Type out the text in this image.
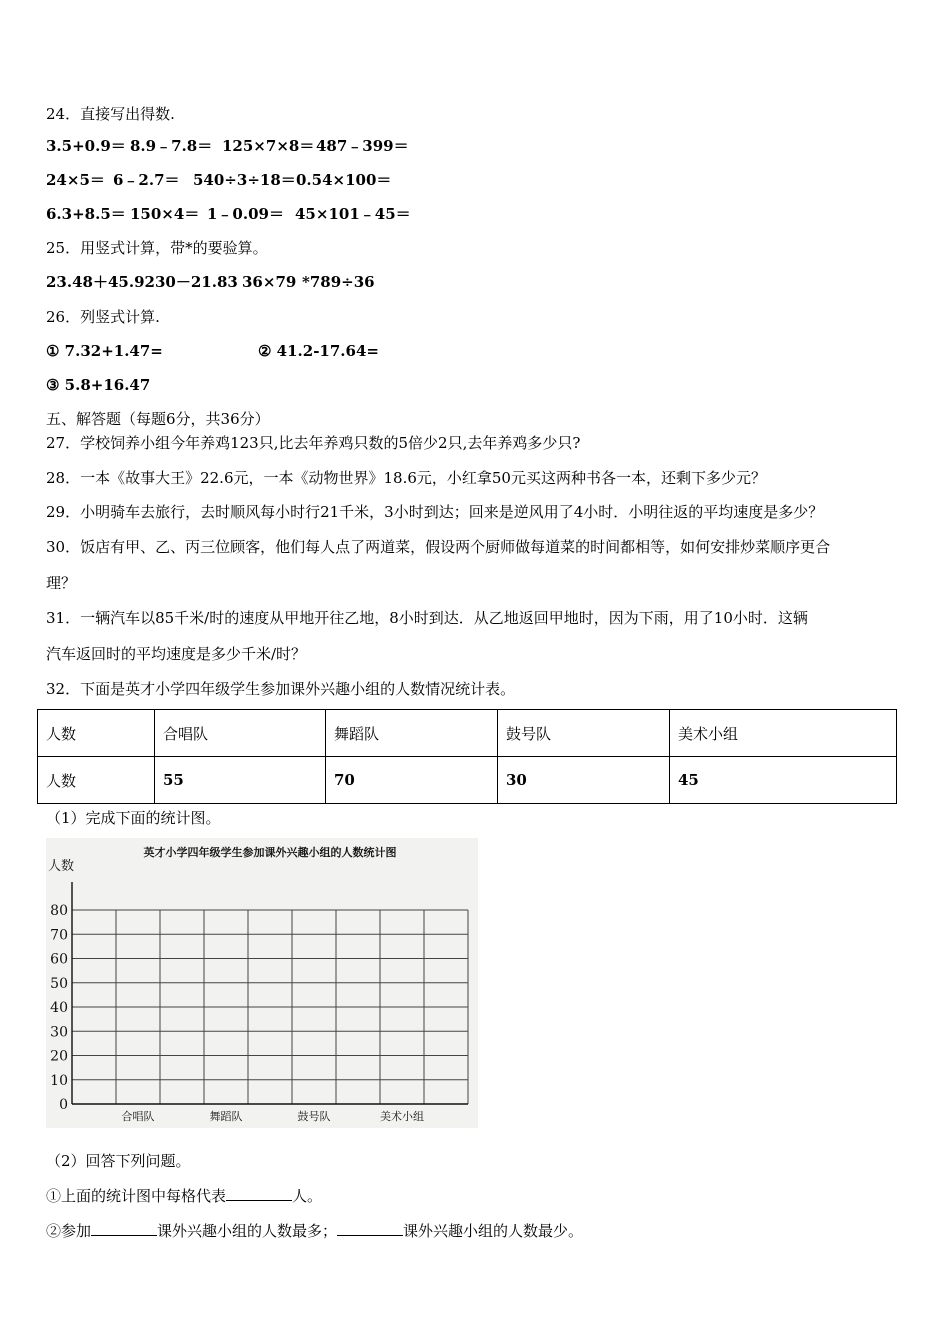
24．直接写出得数.
3.5+0.9＝ 8.9﹣7.8＝ 125×7×8＝ 487﹣399＝
24×5＝ 6﹣2.7＝ 540÷3÷18＝0.54×100＝
6.3+8.5＝ 150×4＝ 1﹣0.09＝ 45×101﹣45＝
25．用竖式计算，带*的要验算。
23.48＋45.9230－21.83 36×79 *789÷36
26．列竖式计算.
① 7.32+1.47=	② 41.2-17.64=
③ 5.8+16.47
五、解答题（每题6分，共36分）
27．学校饲养小组今年养鸡123只,比去年养鸡只数的5倍少2只,去年养鸡多少只?
28．一本《故事大王》22.6元，一本《动物世界》18.6元，小红拿50元买这两种书各一本，还剩下多少元？
29．小明骑车去旅行，去时顺风每小时行21千米，3小时到达；回来是逆风用了4小时．小明往返的平均速度是多少？
30．饭店有甲、乙、丙三位顾客，他们每人点了两道菜，假设两个厨师做每道菜的时间都相等，如何安排炒菜顺序更合
理？
31．一辆汽车以85千米/时的速度从甲地开往乙地，8小时到达．从乙地返回甲地时，因为下雨，用了10小时．这辆
汽车返回时的平均速度是多少千米/时？
32．下面是英才小学四年级学生参加课外兴趣小组的人数情况统计表。
人数	合唱队	舞蹈队	鼓号队	美术小组
人数	55	70	30	45
（1）完成下面的统计图。
英才小学四年级学生参加课外兴趣小组的人数统计图
人数
0
10
20
30
40
50
60
70
80
合唱队	舞蹈队	鼓号队	美术小组
（2）回答下列问题。
①上面的统计图中每格代表	人。
②参加	课外兴趣小组的人数最多；	课外兴趣小组的人数最少。
